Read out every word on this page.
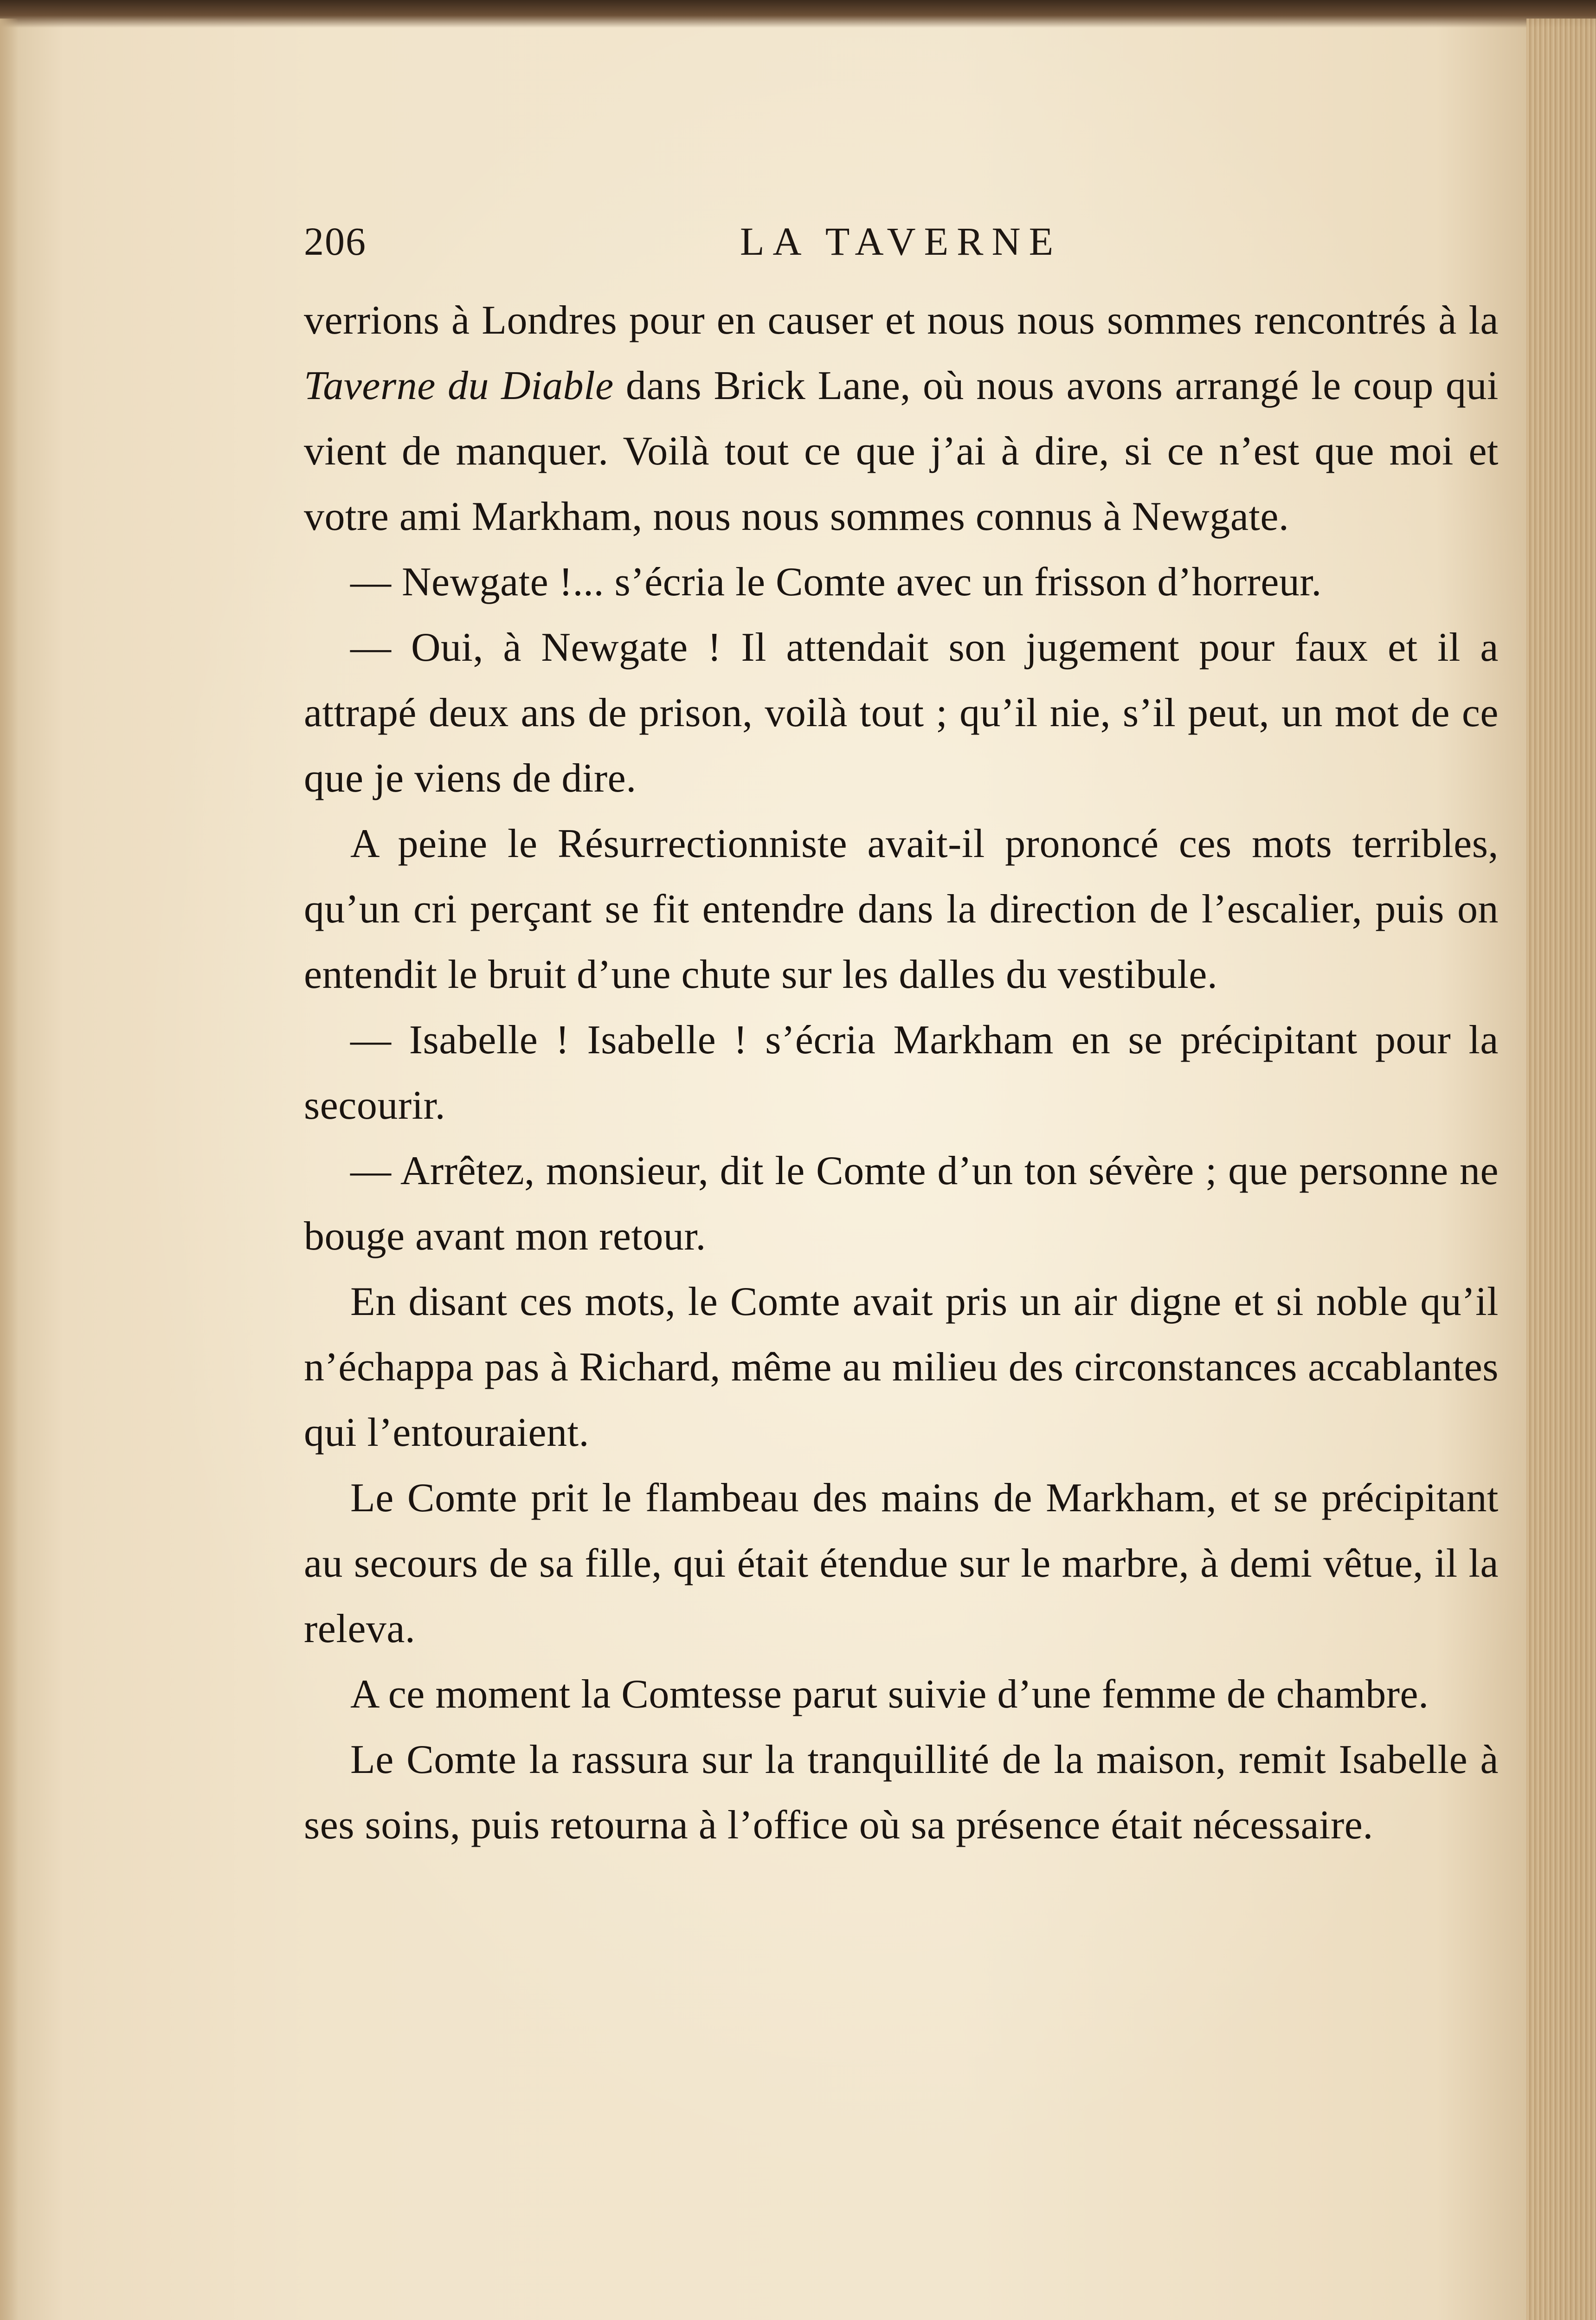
206	LA TAVERNE

verrions à Londres pour en causer et nous nous sommes rencontrés à la Taverne du Diable dans Brick Lane, où nous avons arrangé le coup qui vient de manquer. Voilà tout ce que j’ai à dire, si ce n’est que moi et votre ami Markham, nous nous sommes connus à Newgate.

— Newgate !... s’écria le Comte avec un frisson d’horreur.

— Oui, à Newgate ! Il attendait son jugement pour faux et il a attrapé deux ans de prison, voilà tout ; qu’il nie, s’il peut, un mot de ce que je viens de dire.

A peine le Résurrectionniste avait-il prononcé ces mots terribles, qu’un cri perçant se fit entendre dans la direction de l’escalier, puis on entendit le bruit d’une chute sur les dalles du vestibule.

— Isabelle ! Isabelle ! s’écria Markham en se précipitant pour la secourir.

— Arrêtez, monsieur, dit le Comte d’un ton sévère ; que personne ne bouge avant mon retour.

En disant ces mots, le Comte avait pris un air digne et si noble qu’il n’échappa pas à Richard, même au milieu des circonstances accablantes qui l’entouraient.

Le Comte prit le flambeau des mains de Markham, et se précipitant au secours de sa fille, qui était étendue sur le marbre, à demi vêtue, il la releva.

A ce moment la Comtesse parut suivie d’une femme de chambre.

Le Comte la rassura sur la tranquillité de la maison, remit Isabelle à ses soins, puis retourna à l’office où sa présence était nécessaire.
